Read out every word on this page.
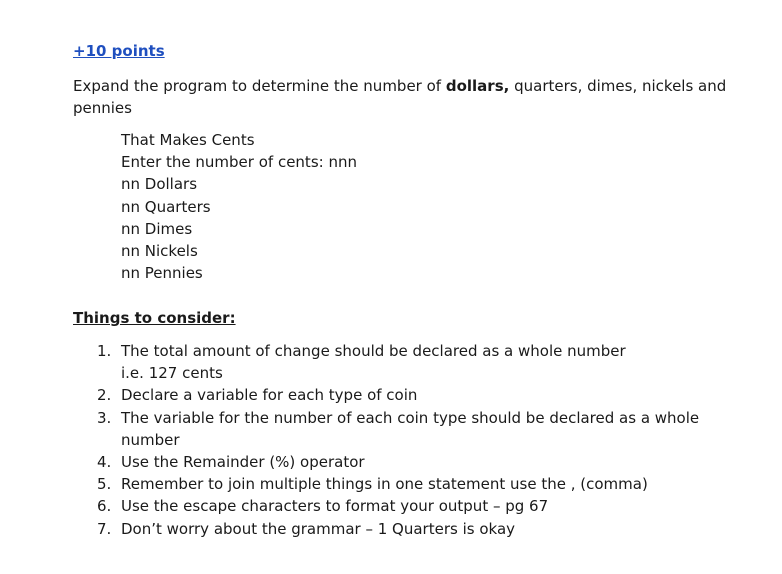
+10 points
Expand the program to determine the number of dollars, quarters, dimes, nickels and pennies
That Makes Cents
Enter the number of cents: nnn
nn Dollars
nn Quarters
nn Dimes
nn Nickels
nn Pennies
Things to consider:
1. The total amount of change should be declared as a whole number
i.e. 127 cents
2. Declare a variable for each type of coin
3. The variable for the number of each coin type should be declared as a whole number
4. Use the Remainder (%) operator
5. Remember to join multiple things in one statement use the , (comma)
6. Use the escape characters to format your output – pg 67
7. Don’t worry about the grammar – 1 Quarters is okay
